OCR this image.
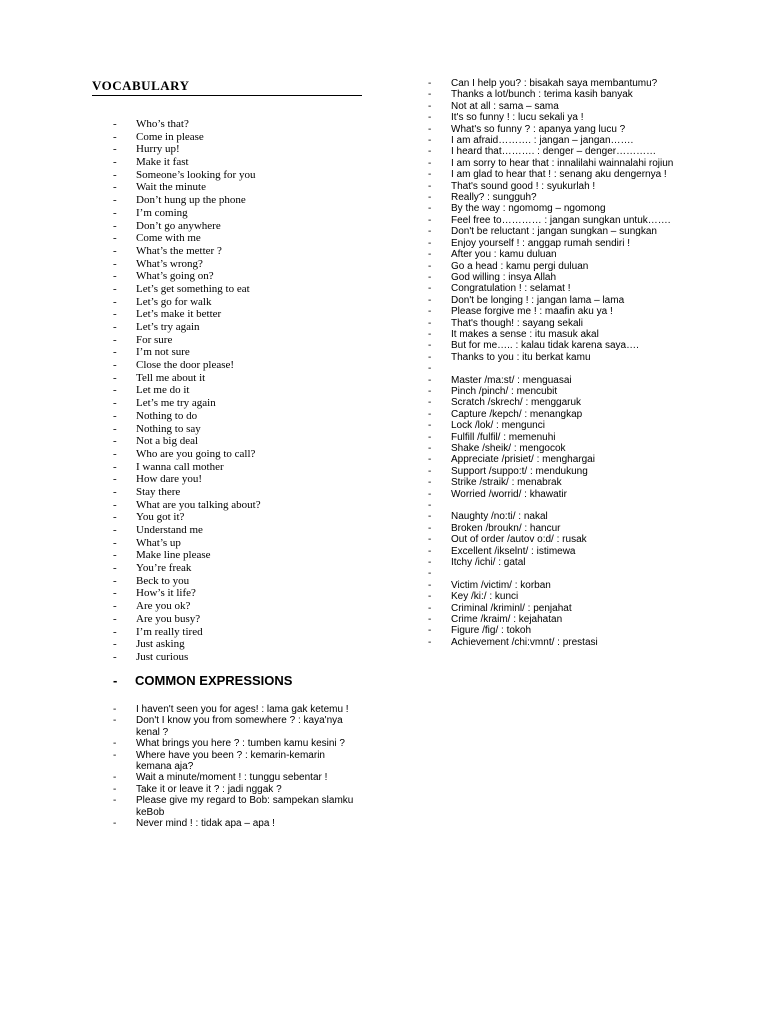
VOCABULARY
- Who’s that?
- Come in please
- Hurry up!
- Make it fast
- Someone’s looking for you
- Wait the minute
- Don’t hung up the phone
- I’m coming
- Don’t go anywhere
- Come with me
- What’s the metter ?
- What’s wrong?
- What’s going on?
- Let’s get something to eat
- Let’s go for walk
- Let’s make it better
- Let’s try again
- For sure
- I’m not sure
- Close the door please!
- Tell me about it
- Let me do it
- Let’s me try again
- Nothing to do
- Nothing to say
- Not a big deal
- Who are you going to call?
- I wanna call mother
- How dare you!
- Stay there
- What are you talking about?
- You got it?
- Understand me
- What’s up
- Make line please
- You’re freak
- Beck to you
- How’s it life?
- Are you ok?
- Are you busy?
- I’m really tired
- Just asking
- Just curious
- COMMON EXPRESSIONS
- I haven't seen you for ages! : lama gak ketemu !
- Don't I know you from somewhere ? : kaya'nya kenal ?
- What brings you here ? : tumben kamu kesini ?
- Where have you been ? : kemarin-kemarin kemana aja?
- Wait a minute/moment ! : tunggu sebentar !
- Take it or leave it ? : jadi nggak ?
- Please give my regard to Bob: sampekan slamku keBob
- Never mind ! : tidak apa – apa !
- Can I help you? : bisakah saya membantumu?
- Thanks a lot/bunch : terima kasih banyak
- Not at all : sama – sama
- It's so funny ! : lucu sekali ya !
- What's so funny ? : apanya yang lucu ?
- I am afraid………. : jangan – jangan…….
- I heard that………. : denger – denger…………
- I am sorry to hear that : innalilahi wainnalahi rojiun
- I am glad to hear that ! : senang aku dengernya !
- That's sound good ! : syukurlah !
- Really? : sungguh?
- By the way : ngomomg – ngomong
- Feel free to………… : jangan sungkan untuk…….
- Don't be reluctant : jangan sungkan – sungkan
- Enjoy yourself ! : anggap rumah sendiri !
- After you : kamu duluan
- Go a head : kamu pergi duluan
- God willing : insya Allah
- Congratulation ! : selamat !
- Don't be longing ! : jangan lama – lama
- Please forgive me ! : maafin aku ya !
- That's though! : sayang sekali
- It makes a sense : itu masuk akal
- But for me….. : kalau tidak karena saya….
- Thanks to you : itu berkat kamu
-
- Master /ma:st/ : menguasai
- Pinch /pinch/ : mencubit
- Scratch /skrech/ : menggaruk
- Capture /kepch/ : menangkap
- Lock /lok/ : mengunci
- Fulfill /fulfil/ : memenuhi
- Shake /sheik/ : mengocok
- Appreciate /prisiet/ : menghargai
- Support /suppo:t/ : mendukung
- Strike /straik/ : menabrak
- Worried /worrid/ : khawatir
-
- Naughty /no:ti/ : nakal
- Broken /broukn/ : hancur
- Out of order /autov o:d/ : rusak
- Excellent /ikselnt/ : istimewa
- Itchy /ichi/ : gatal
-
- Victim /victim/ : korban
- Key /ki:/ : kunci
- Criminal /kriminl/ : penjahat
- Crime /kraim/ : kejahatan
- Figure /fig/ : tokoh
- Achievement /chi:vmnt/ : prestasi
